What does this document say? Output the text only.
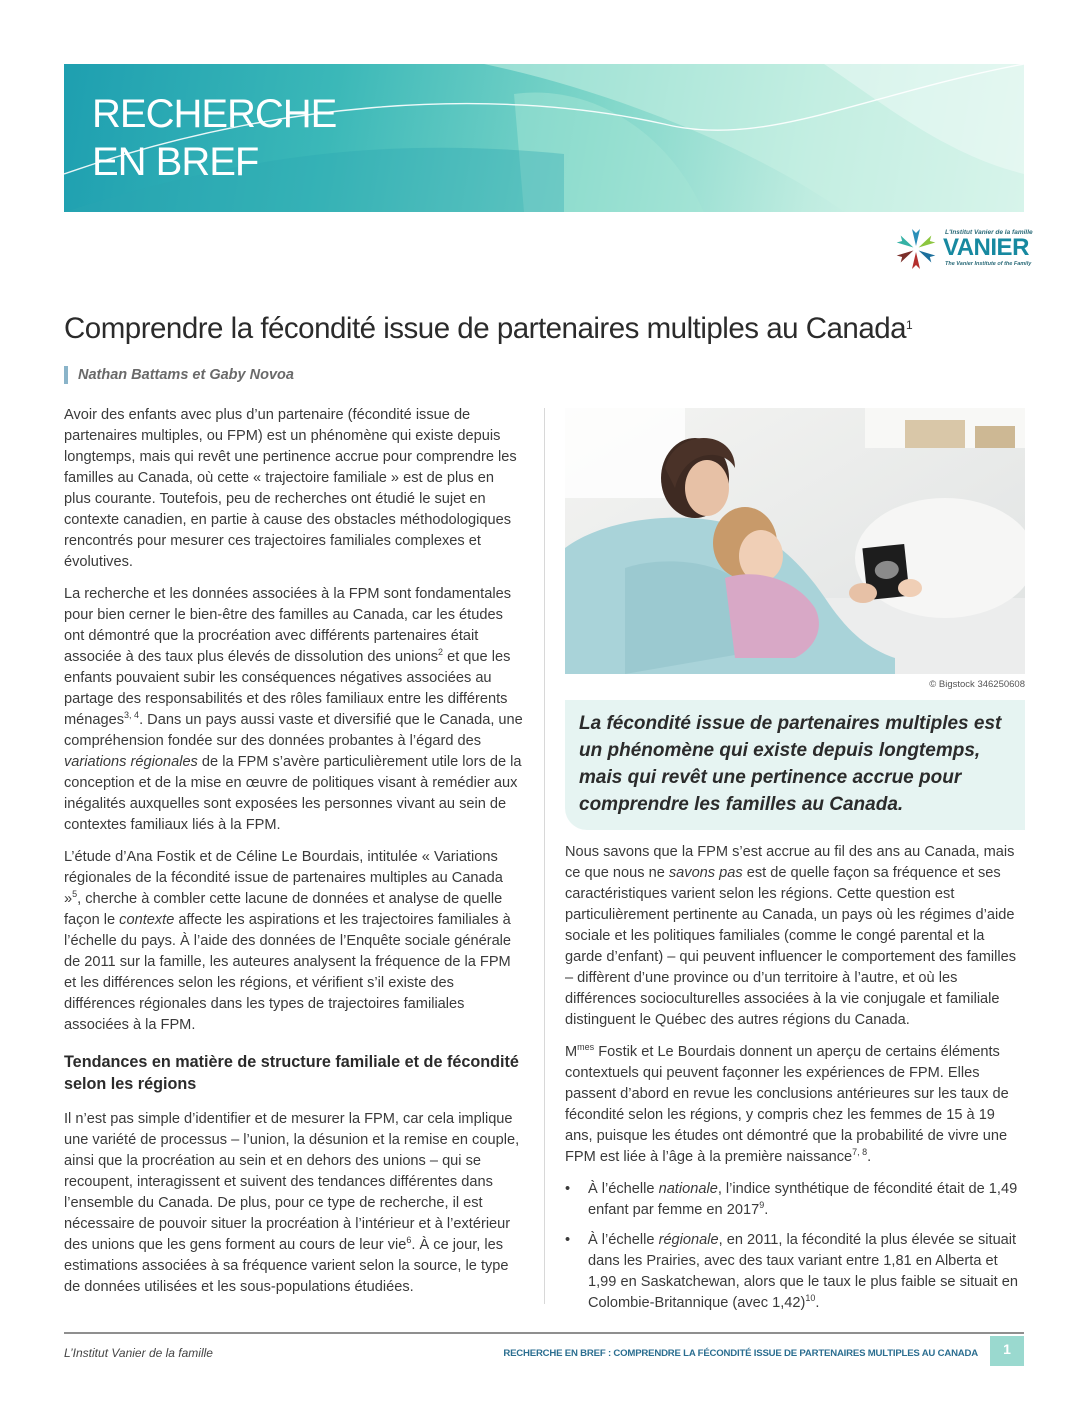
RECHERCHE
EN BREF
L'Institut Vanier de la famille
VANIER
The Vanier Institute of the Family
Comprendre la fécondité issue de partenaires multiples au Canada$^1$
Nathan Battams et Gaby Novoa

Avoir des enfants avec plus d’un partenaire (fécondité issue de partenaires multiples, ou FPM) est un phénomène qui existe depuis longtemps, mais qui revêt une pertinence accrue pour comprendre les familles au Canada, où cette « trajectoire familiale » est de plus en plus courante. Toutefois, peu de recherches ont étudié le sujet en contexte canadien, en partie à cause des obstacles méthodologiques rencontrés pour mesurer ces trajectoires familiales complexes et évolutives.

La recherche et les données associées à la FPM sont fondamentales pour bien cerner le bien-être des familles au Canada, car les études ont démontré que la procréation avec différents partenaires était associée à des taux plus élevés de dissolution des unions$^2$ et que les enfants pouvaient subir les conséquences négatives associées au partage des responsabilités et des rôles familiaux entre les différents ménages$^{3, 4}$. Dans un pays aussi vaste et diversifié que le Canada, une compréhension fondée sur des données probantes à l’égard des variations régionales de la FPM s’avère particulièrement utile lors de la conception et de la mise en œuvre de politiques visant à remédier aux inégalités auxquelles sont exposées les personnes vivant au sein de contextes familiaux liés à la FPM.

L’étude d’Ana Fostik et de Céline Le Bourdais, intitulée « Variations régionales de la fécondité issue de partenaires multiples au Canada »$^5$, cherche à combler cette lacune de données et analyse de quelle façon le contexte affecte les aspirations et les trajectoires familiales à l’échelle du pays. À l’aide des données de l’Enquête sociale générale de 2011 sur la famille, les auteures analysent la fréquence de la FPM et les différences selon les régions, et vérifient s’il existe des différences régionales dans les types de trajectoires familiales associées à la FPM.

Tendances en matière de structure familiale et de fécondité selon les régions

Il n’est pas simple d’identifier et de mesurer la FPM, car cela implique une variété de processus – l’union, la désunion et la remise en couple, ainsi que la procréation au sein et en dehors des unions – qui se recoupent, interagissent et suivent des tendances différentes dans l’ensemble du Canada. De plus, pour ce type de recherche, il est nécessaire de pouvoir situer la procréation à l’intérieur et à l’extérieur des unions que les gens forment au cours de leur vie$^6$. À ce jour, les estimations associées à sa fréquence varient selon la source, le type de données utilisées et les sous-populations étudiées.

© Bigstock 346250608
La fécondité issue de partenaires multiples est un phénomène qui existe depuis longtemps, mais qui revêt une pertinence accrue pour comprendre les familles au Canada.

Nous savons que la FPM s’est accrue au fil des ans au Canada, mais ce que nous ne savons pas est de quelle façon sa fréquence et ses caractéristiques varient selon les régions. Cette question est particulièrement pertinente au Canada, un pays où les régimes d’aide sociale et les politiques familiales (comme le congé parental et la garde d’enfant) – qui peuvent influencer le comportement des familles – diffèrent d’une province ou d’un territoire à l’autre, et où les différences socioculturelles associées à la vie conjugale et familiale distinguent le Québec des autres régions du Canada.

$M^{mes}$ Fostik et Le Bourdais donnent un aperçu de certains éléments contextuels qui peuvent façonner les expériences de FPM. Elles passent d’abord en revue les conclusions antérieures sur les taux de fécondité selon les régions, y compris chez les femmes de 15 à 19 ans, puisque les études ont démontré que la probabilité de vivre une FPM est liée à l’âge à la première naissance$^{7, 8}$.

• À l’échelle nationale, l’indice synthétique de fécondité était de 1,49 enfant par femme en 2017$^9$.
• À l’échelle régionale, en 2011, la fécondité la plus élevée se situait dans les Prairies, avec des taux variant entre 1,81 en Alberta et 1,99 en Saskatchewan, alors que le taux le plus faible se situait en Colombie-Britannique (avec 1,42)$^{10}$.
L’Institut Vanier de la famille	RECHERCHE EN BREF : COMPRENDRE LA FÉCONDITÉ ISSUE DE PARTENAIRES MULTIPLES AU CANADA	1
